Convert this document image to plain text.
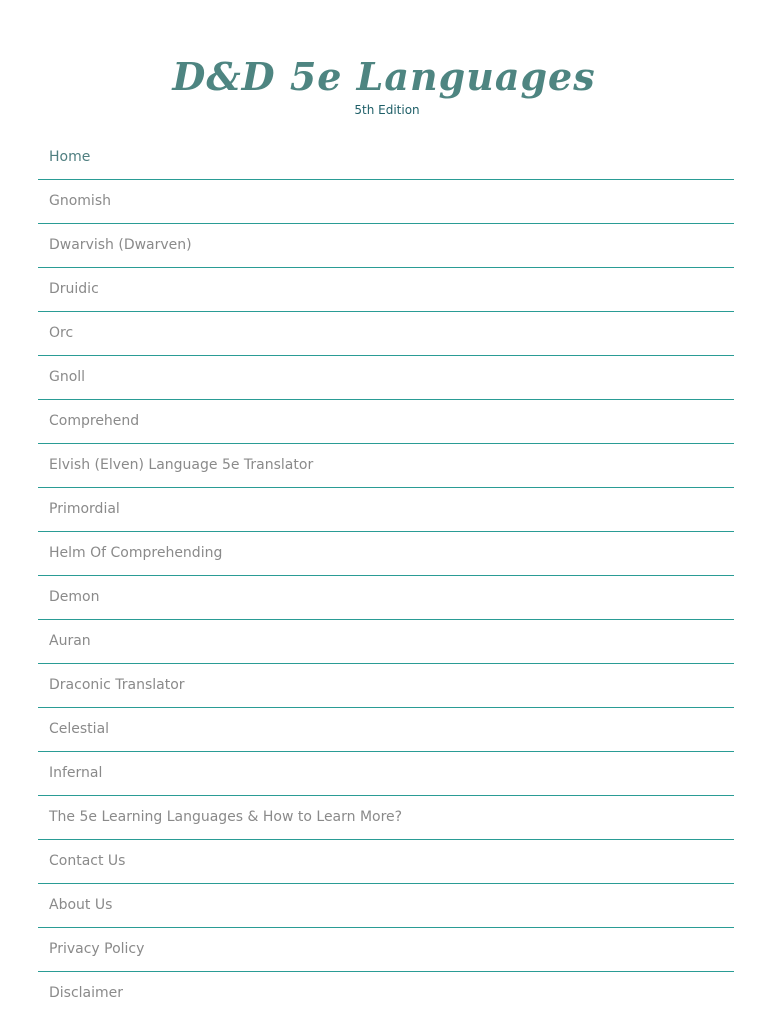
D&D 5e Languages
5th Edition
Home
Gnomish
Dwarvish (Dwarven)
Druidic
Orc
Gnoll
Comprehend
Elvish (Elven) Language 5e Translator
Primordial
Helm Of Comprehending
Demon
Auran
Draconic Translator
Celestial
Infernal
The 5e Learning Languages & How to Learn More?
Contact Us
About Us
Privacy Policy
Disclaimer
